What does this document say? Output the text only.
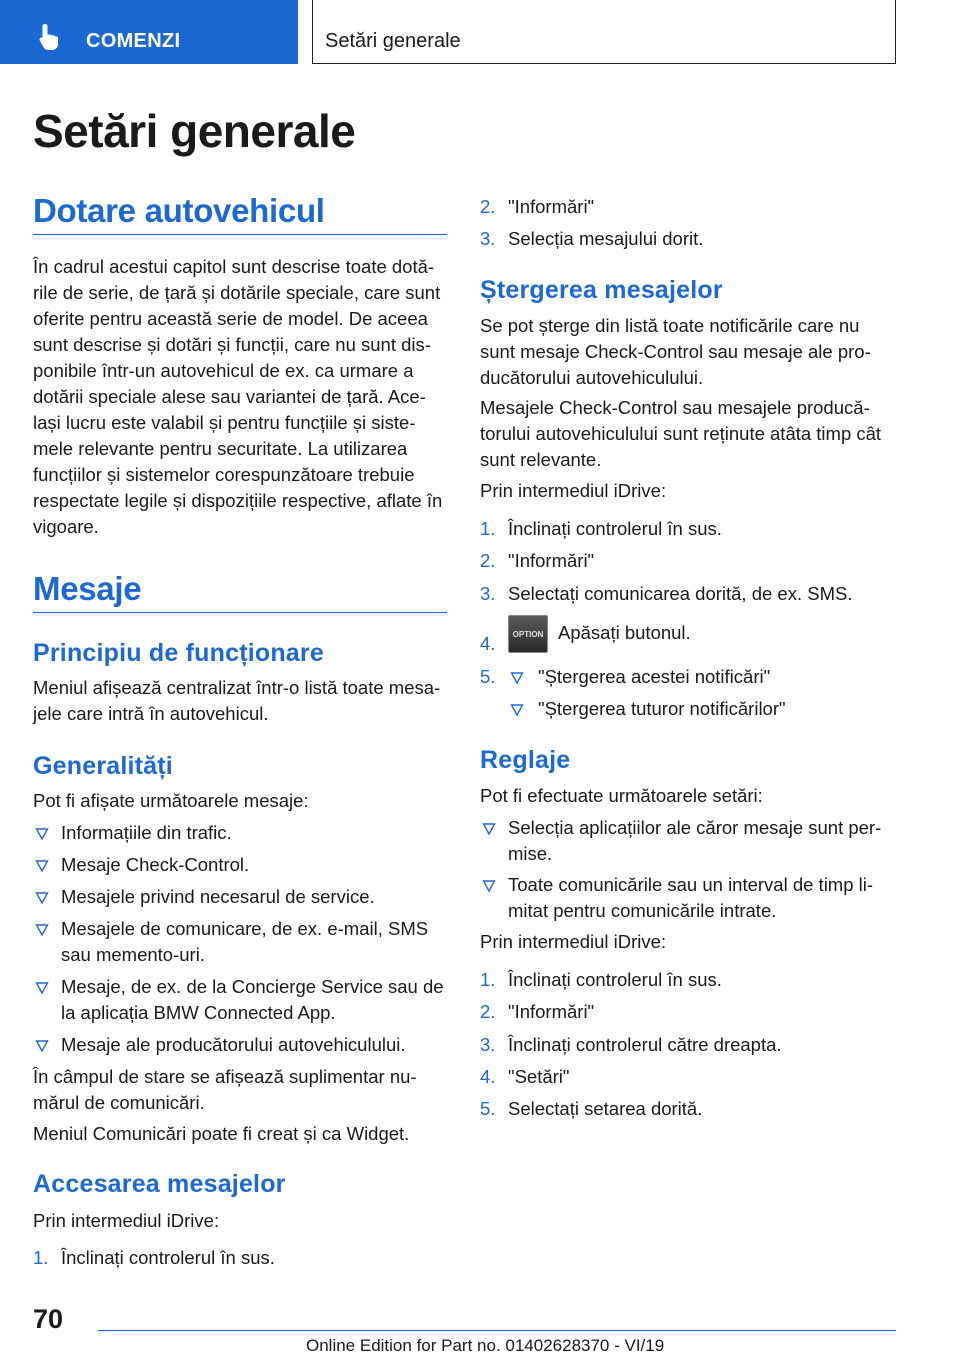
COMENZI	Setări generale
Setări generale
Dotare autovehicul
În cadrul acestui capitol sunt descrise toate dotările de serie, de țară și dotările speciale, care sunt oferite pentru această serie de model. De aceea sunt descrise și dotări și funcții, care nu sunt disponibile într-un autovehicul de ex. ca urmare a dotării speciale alese sau variantei de țară. Același lucru este valabil și pentru funcțiile și sistemele relevante pentru securitate. La utilizarea funcțiilor și sistemelor corespunzătoare trebuie respectate legile și dispozițiile respective, aflate în vigoare.
Mesaje
Principiu de funcționare
Meniul afișează centralizat într-o listă toate mesajele care intră în autovehicul.
Generalități
Pot fi afișate următoarele mesaje:
Informațiile din trafic.
Mesaje Check-Control.
Mesajele privind necesarul de service.
Mesajele de comunicare, de ex. e-mail, SMS sau memento-uri.
Mesaje, de ex. de la Concierge Service sau de la aplicația BMW Connected App.
Mesaje ale producătorului autovehiculului.
În câmpul de stare se afișează suplimentar numărul de comunicări.
Meniul Comunicări poate fi creat și ca Widget.
Accesarea mesajelor
Prin intermediul iDrive:
1. Înclinați controlerul în sus.
2. "Informări"
3. Selecția mesajului dorit.
Ștergerea mesajelor
Se pot șterge din listă toate notificările care nu sunt mesaje Check-Control sau mesaje ale producătorului autovehiculului.
Mesajele Check-Control sau mesajele producătorului autovehiculului sunt reținute atâta timp cât sunt relevante.
Prin intermediul iDrive:
1. Înclinați controlerul în sus.
2. "Informări"
3. Selectați comunicarea dorită, de ex. SMS.
4.	OPTION Apăsați butonul.
5. "Ștergerea acestei notificări"
"Ștergerea tuturor notificărilor"
Reglaje
Pot fi efectuate următoarele setări:
Selecția aplicațiilor ale căror mesaje sunt permise.
Toate comunicările sau un interval de timp limitat pentru comunicările intrate.
Prin intermediul iDrive:
1. Înclinați controlerul în sus.
2. "Informări"
3. Înclinați controlerul către dreapta.
4. "Setări"
5. Selectați setarea dorită.
70
Online Edition for Part no. 01402628370 - VI/19
